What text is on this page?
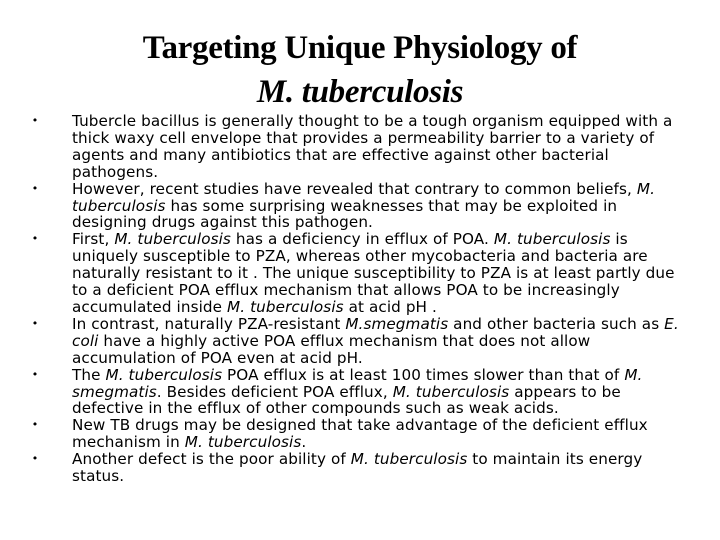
Targeting Unique Physiology of
M. tuberculosis
• Tubercle bacillus is generally thought to be a tough organism equipped with a thick waxy cell envelope that provides a permeability barrier to a variety of agents and many antibiotics that are effective against other bacterial pathogens.
• However, recent studies have revealed that contrary to common beliefs, M. tuberculosis has some surprising weaknesses that may be exploited in designing drugs against this pathogen.
• First, M. tuberculosis has a deficiency in efflux of POA. M. tuberculosis is uniquely susceptible to PZA, whereas other mycobacteria and bacteria are naturally resistant to it . The unique susceptibility to PZA is at least partly due to a deficient POA efflux mechanism that allows POA to be increasingly accumulated inside M. tuberculosis at acid pH .
• In contrast, naturally PZA-resistant M.smegmatis and other bacteria such as E. coli have a highly active POA efflux mechanism that does not allow accumulation of POA even at acid pH.
• The M. tuberculosis POA efflux is at least 100 times slower than that of M. smegmatis. Besides deficient POA efflux, M. tuberculosis appears to be defective in the efflux of other compounds such as weak acids.
• New TB drugs may be designed that take advantage of the deficient efflux mechanism in M. tuberculosis.
• Another defect is the poor ability of M. tuberculosis to maintain its energy status.
